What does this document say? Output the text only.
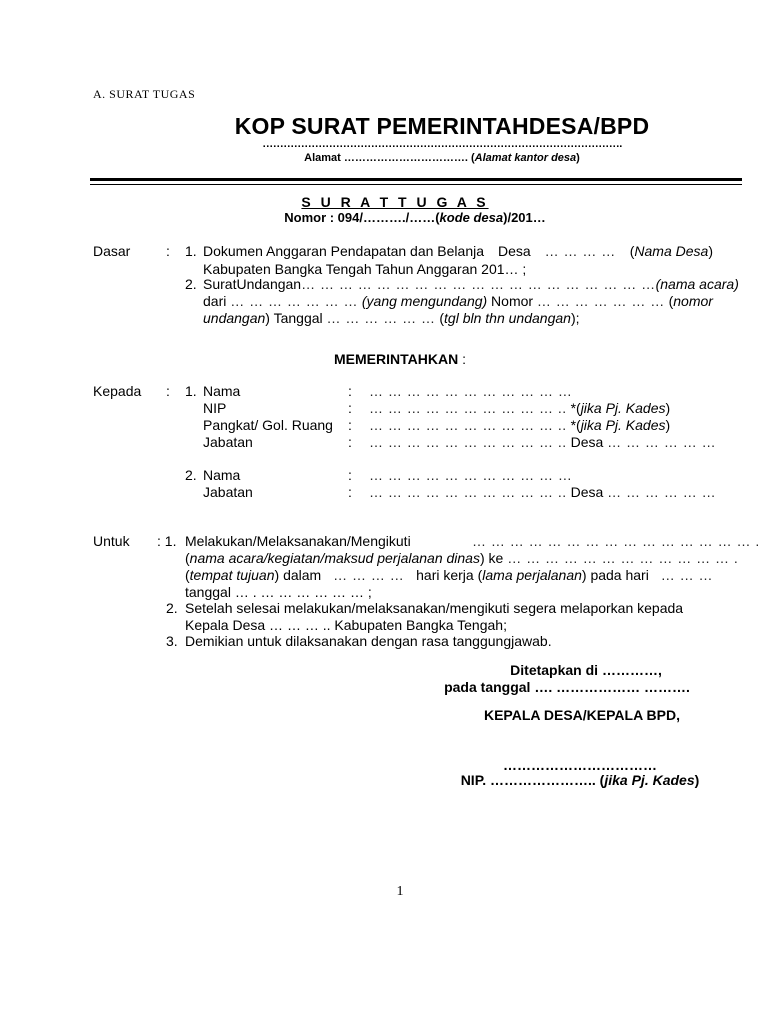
A. SURAT TUGAS
KOP SURAT PEMERINTAHDESA/BPD
………………………………………………………………………………………….
Alamat ……………………………. (Alamat kantor desa)
S U R A T T U G A S
Nomor : 094/………./……(kode desa)/201…
Dasar	: 1. Dokumen Anggaran Pendapatan dan Belanja Desa … … … … (Nama Desa)
Kabupaten Bangka Tengah Tahun Anggaran 201… ;
2. Surat Undangan … … … … … … … … … … … … … … … … … … … (nama acara)
dari … … … … … … … (yang mengundang) Nomor … … … … … … … (nomor
undangan) Tanggal … … … … … … (tgl bln thn undangan);
MEMERINTAHKAN :
Kepada : 1. Nama	: … … … … … … … … … … …
NIP	: … … … … … … … … … … .. *(jika Pj. Kades)
Pangkat/ Gol. Ruang : … … … … … … … … … … .. *(jika Pj. Kades)
Jabatan	: … … … … … … … … … … .. Desa … … … … … …
2. Nama	: … … … … … … … … … … …
Jabatan	: … … … … … … … … … … .. Desa … … … … … …
Untuk : 1. Melakukan/Melaksanakan/Mengikuti	… … … … … … … … … … … … … … … .
(nama acara/kegiatan/maksud perjalanan dinas) ke … … … … … … … … … … … … .
(tempat tujuan) dalam … … … … hari kerja (lama perjalanan) pada hari … … …
tanggal … . … … … … … … ;
2. Setelah selesai melakukan/melaksanakan/mengikuti segera melaporkan kepada
Kepala Desa … … … .. Kabupaten Bangka Tengah;
3. Demikian untuk dilaksanakan dengan rasa tanggungjawab.
Ditetapkan di …………,
pada tanggal …. ……………… ……….
KEPALA DESA/KEPALA BPD,
……………………………
NIP. ………………….. (jika Pj. Kades)
1
